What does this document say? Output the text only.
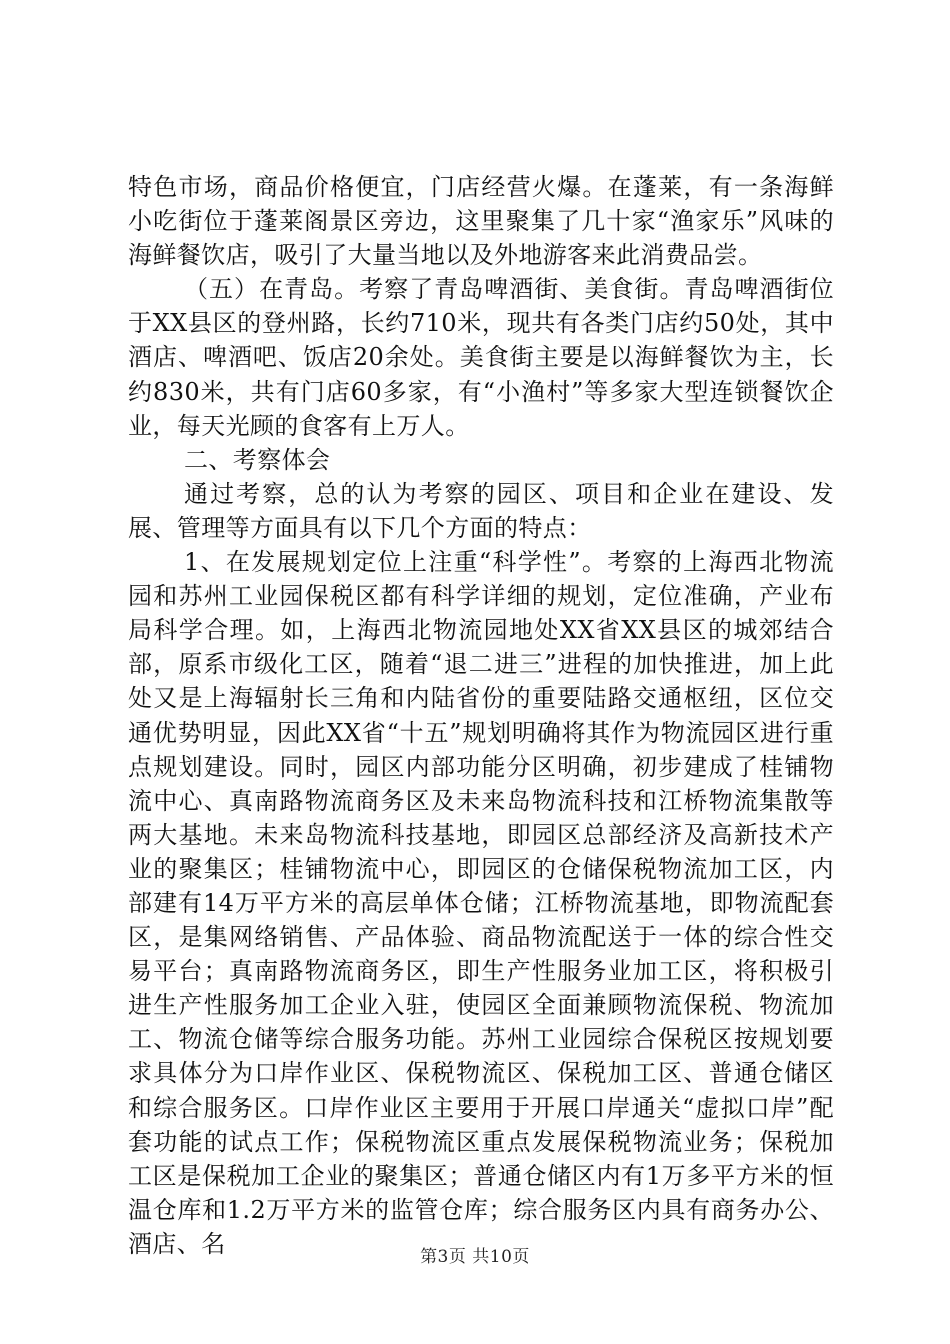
特色市场，商品价格便宜，门店经营火爆。在蓬莱，有一条海鲜小吃街位于蓬莱阁景区旁边，这里聚集了几十家“渔家乐”风味的海鲜餐饮店，吸引了大量当地以及外地游客来此消费品尝。

（五）在青岛。考察了青岛啤酒街、美食街。青岛啤酒街位于XX县区的登州路，长约710米，现共有各类门店约50处，其中酒店、啤酒吧、饭店20余处。美食街主要是以海鲜餐饮为主，长约830米，共有门店60多家，有“小渔村”等多家大型连锁餐饮企业，每天光顾的食客有上万人。

二、考察体会

通过考察，总的认为考察的园区、项目和企业在建设、发展、管理等方面具有以下几个方面的特点：

1、在发展规划定位上注重“科学性”。考察的上海西北物流园和苏州工业园保税区都有科学详细的规划，定位准确，产业布局科学合理。如，上海西北物流园地处XX省XX县区的城郊结合部，原系市级化工区，随着“退二进三”进程的加快推进，加上此处又是上海辐射长三角和内陆省份的重要陆路交通枢纽，区位交通优势明显，因此XX省“十五”规划明确将其作为物流园区进行重点规划建设。同时，园区内部功能分区明确，初步建成了桂铺物流中心、真南路物流商务区及未来岛物流科技和江桥物流集散等两大基地。未来岛物流科技基地，即园区总部经济及高新技术产业的聚集区；桂铺物流中心，即园区的仓储保税物流加工区，内部建有14万平方米的高层单体仓储；江桥物流基地，即物流配套区，是集网络销售、产品体验、商品物流配送于一体的综合性交易平台；真南路物流商务区，即生产性服务业加工区，将积极引进生产性服务加工企业入驻，使园区全面兼顾物流保税、物流加工、物流仓储等综合服务功能。苏州工业园综合保税区按规划要求具体分为口岸作业区、保税物流区、保税加工区、普通仓储区和综合服务区。口岸作业区主要用于开展口岸通关“虚拟口岸”配套功能的试点工作；保税物流区重点发展保税物流业务；保税加工区是保税加工企业的聚集区；普通仓储区内有1万多平方米的恒温仓库和1.2万平方米的监管仓库；综合服务区内具有商务办公、酒店、名	第3页 共10页
